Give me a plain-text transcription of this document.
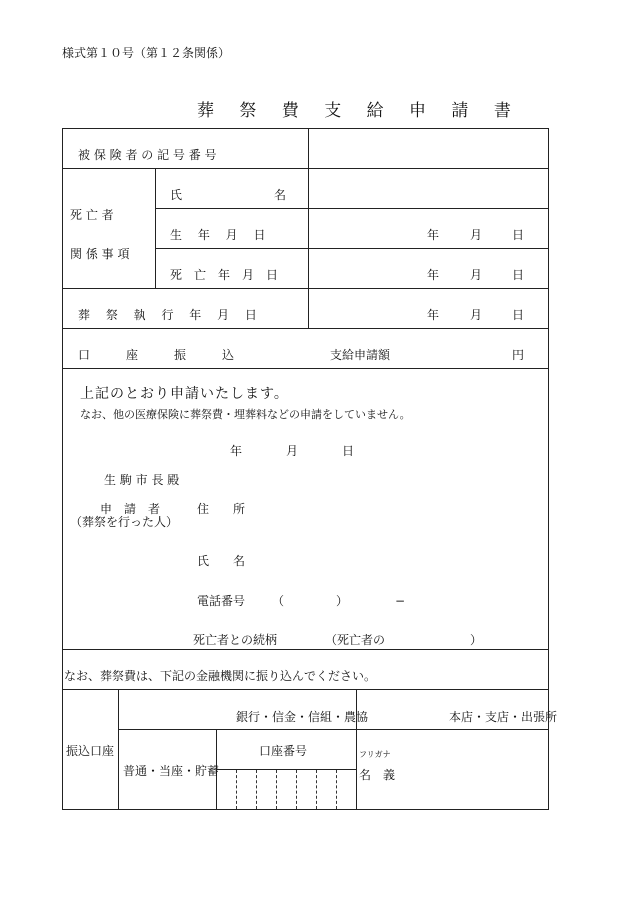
様式第１０号（第１２条関係）
葬 祭 費 支 給 申 請 書
被 保 険 者 の 記 号 番 号
死 亡 者
関 係 事 項
氏	名
生　 年　 月　 日	年	月 日
死　亡　年　月　日	年	月 日
葬　 祭　 執　 行　 年　 月　 日	年	月 日
口　　　座　　　振　　　込	支給申請額	円
上記のとおり申請いたします。
なお、他の医療保険に葬祭費・埋葬料などの申請をしていません。
年	月	日
生 駒 市 長 殿
申　請　者	住　　所
（葬祭を行った人）
氏　　名
電話番号 （	）	−
死亡者との続柄	（死亡者の	）
なお、葬祭費は、下記の金融機関に振り込んでください。
振込口座
銀行・信金・信組・農協	本店・支店・出張所
普通・当座・貯蓄
口座番号	フリガナ
名　義
